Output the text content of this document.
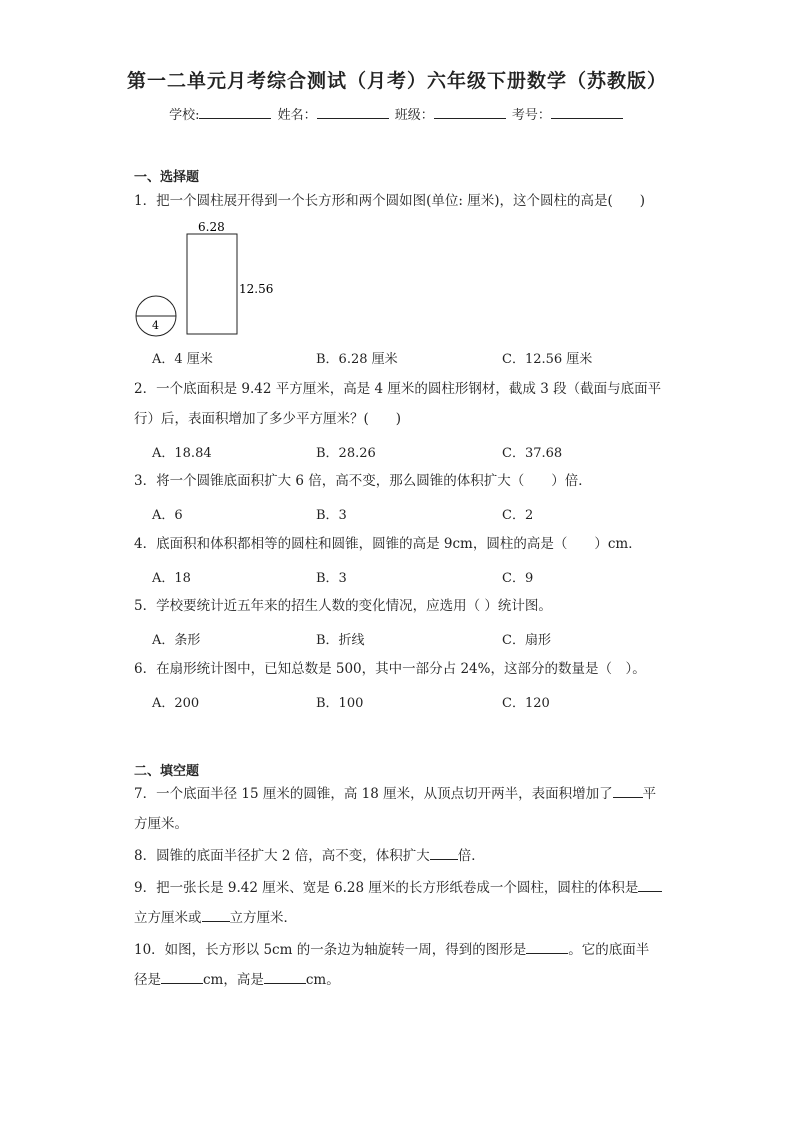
第一二单元月考综合测试（月考）六年级下册数学（苏教版）
学校:	姓名：	班级：	考号：
一、选择题
1．把一个圆柱展开得到一个长方形和两个圆如图(单位: 厘米)，这个圆柱的高是(　　)
6.28
12.56
4
A．4 厘米	B．6.28 厘米	C．12.56 厘米
2．一个底面积是 9.42 平方厘米，高是 4 厘米的圆柱形钢材，截成 3 段（截面与底面平
行）后，表面积增加了多少平方厘米？(　　)
A．18.84	B．28.26	C．37.68
3．将一个圆锥底面积扩大 6 倍，高不变，那么圆锥的体积扩大（　　）倍．
A．6	B．3	C．2
4．底面积和体积都相等的圆柱和圆锥，圆锥的高是 9cm，圆柱的高是（　　）cm．
A．18	B．3	C．9
5．学校要统计近五年来的招生人数的变化情况，应选用（ ）统计图。
A．条形	B．折线	C．扇形
6．在扇形统计图中，已知总数是 500，其中一部分占 24%，这部分的数量是（　）。
A．200	B．100	C．120
二、填空题
7．一个底面半径 15 厘米的圆锥，高 18 厘米，从顶点切开两半，表面积增加了 平
方厘米。
8．圆锥的底面半径扩大 2 倍，高不变，体积扩大 倍．
9．把一张长是 9.42 厘米、宽是 6.28 厘米的长方形纸卷成一个圆柱，圆柱的体积是
立方厘米或 立方厘米．
10．如图，长方形以 5cm 的一条边为轴旋转一周，得到的图形是	。它的底面半
径是	cm，高是	cm。
